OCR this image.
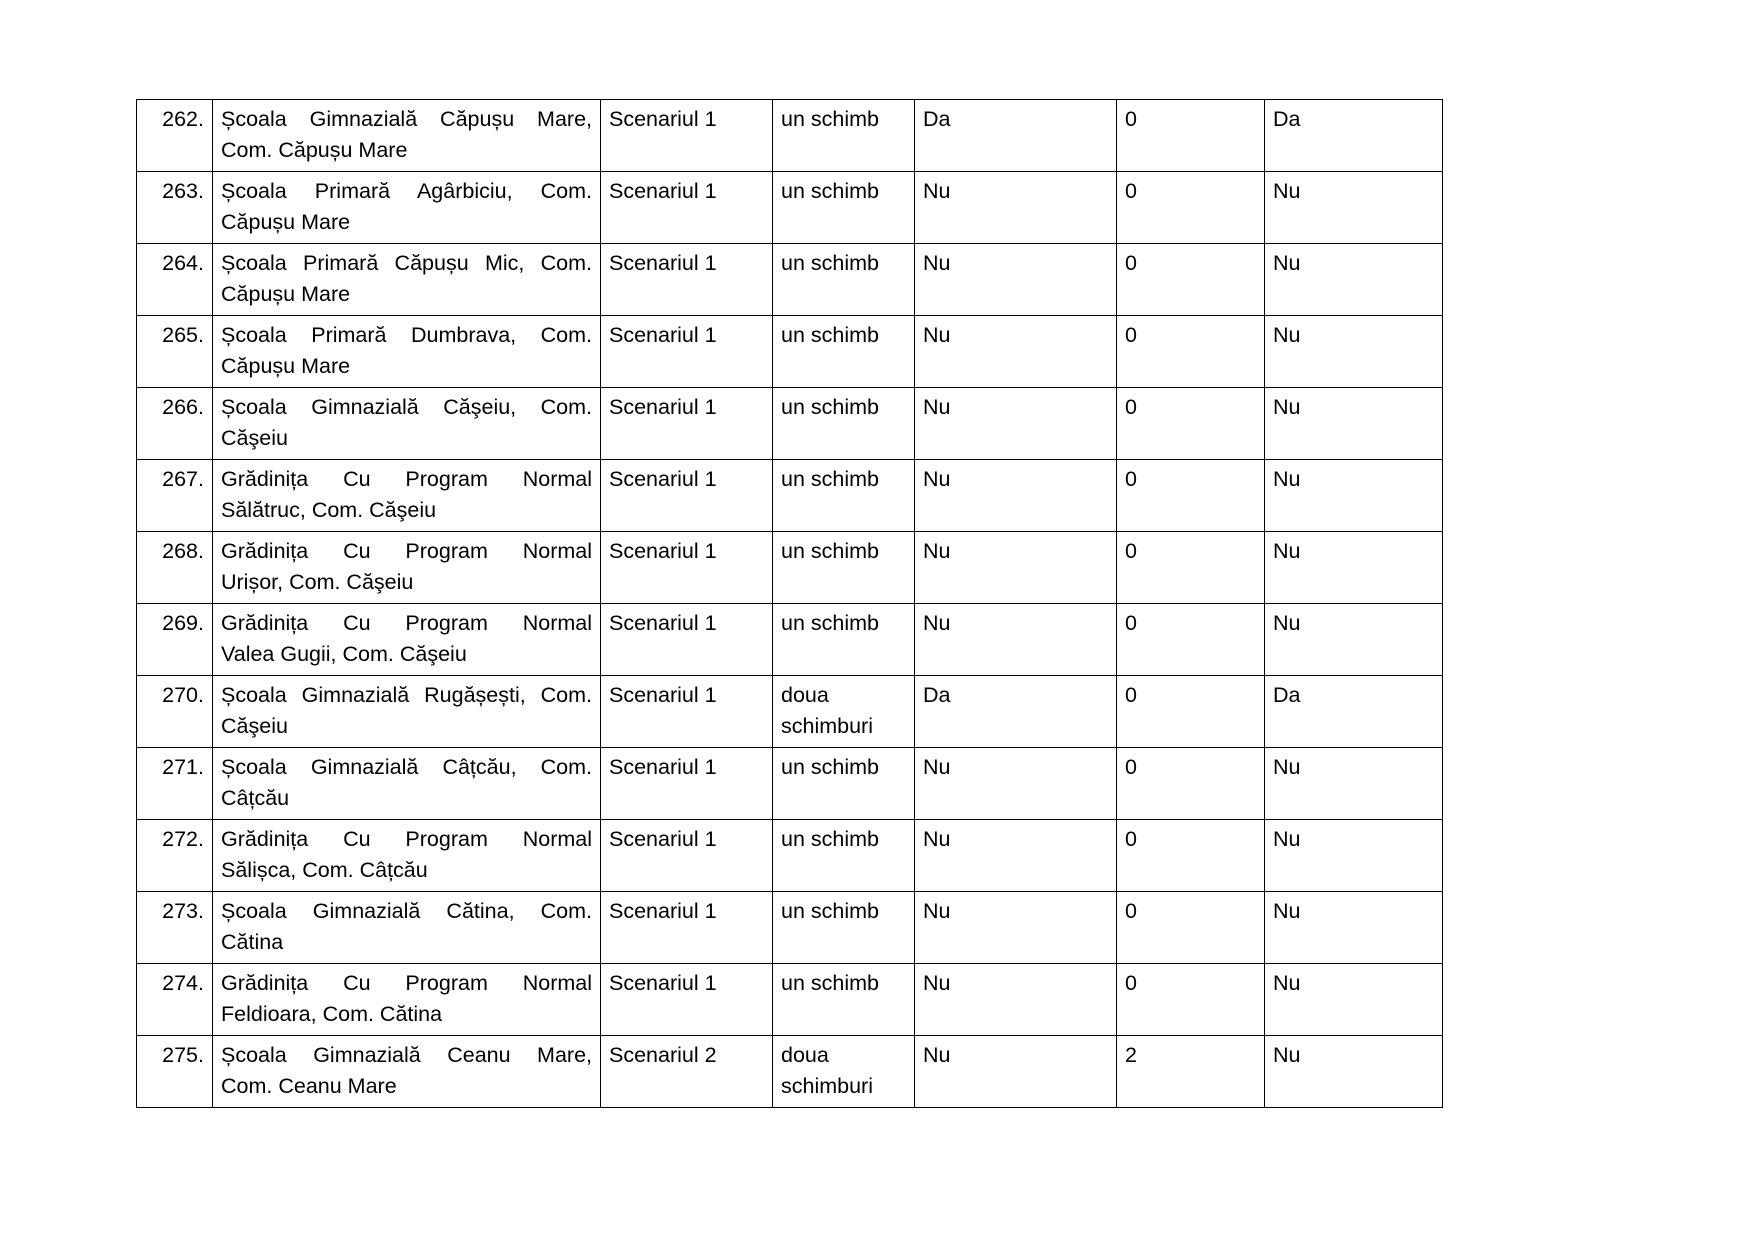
262.	Școala Gimnazială Căpușu Mare,
Com. Căpușu Mare	Scenariul 1	un schimb	Da	0	Da
263.	Școala Primară Agârbiciu, Com.
Căpușu Mare	Scenariul 1	un schimb	Nu	0	Nu
264.	Școala Primară Căpușu Mic, Com.
Căpușu Mare	Scenariul 1	un schimb	Nu	0	Nu
265.	Școala Primară Dumbrava, Com.
Căpușu Mare	Scenariul 1	un schimb	Nu	0	Nu
266.	Școala Gimnazială Căşeiu, Com.
Căşeiu	Scenariul 1	un schimb	Nu	0	Nu
267.	Grădinița Cu Program Normal
Sălătruc, Com. Căşeiu	Scenariul 1	un schimb	Nu	0	Nu
268.	Grădinița Cu Program Normal
Urișor, Com. Căşeiu	Scenariul 1	un schimb	Nu	0	Nu
269.	Grădinița Cu Program Normal
Valea Gugii, Com. Căşeiu	Scenariul 1	un schimb	Nu	0	Nu
270.	Școala Gimnazială Rugășești, Com.
Căşeiu	Scenariul 1	doua
schimburi	Da	0	Da
271.	Școala Gimnazială Câțcău, Com.
Câțcău	Scenariul 1	un schimb	Nu	0	Nu
272.	Grădinița Cu Program Normal
Sălișca, Com. Câțcău	Scenariul 1	un schimb	Nu	0	Nu
273.	Școala Gimnazială Cătina, Com.
Cătina	Scenariul 1	un schimb	Nu	0	Nu
274.	Grădinița Cu Program Normal
Feldioara, Com. Cătina	Scenariul 1	un schimb	Nu	0	Nu
275.	Școala Gimnazială Ceanu Mare,
Com. Ceanu Mare	Scenariul 2	doua
schimburi	Nu	2	Nu
